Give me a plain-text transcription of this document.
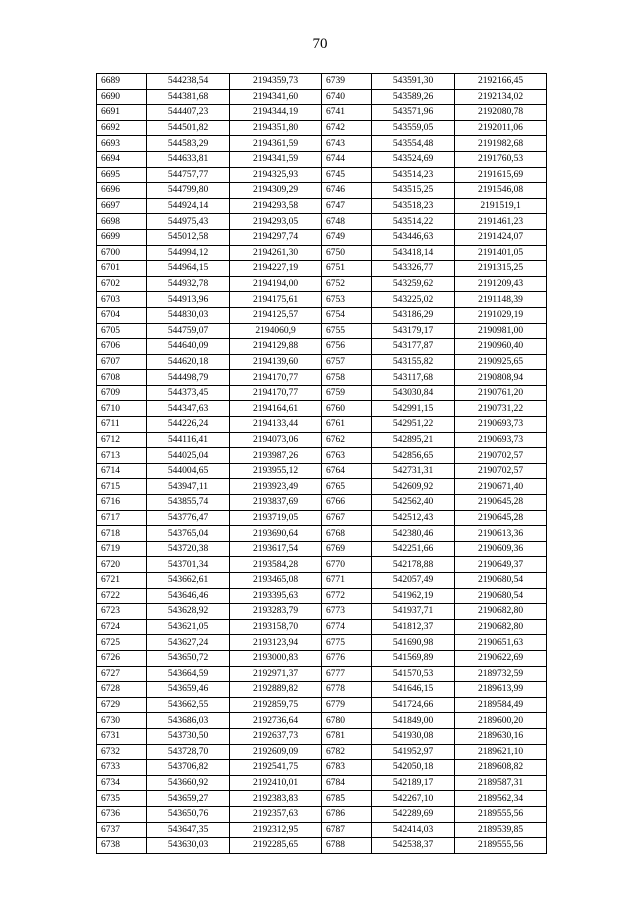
70
6689	544238,54	2194359,73	6739	543591,30	2192166,45
6690	544381,68	2194341,60	6740	543589,26	2192134,02
6691	544407,23	2194344,19	6741	543571,96	2192080,78
6692	544501,82	2194351,80	6742	543559,05	2192011,06
6693	544583,29	2194361,59	6743	543554,48	2191982,68
6694	544633,81	2194341,59	6744	543524,69	2191760,53
6695	544757,77	2194325,93	6745	543514,23	2191615,69
6696	544799,80	2194309,29	6746	543515,25	2191546,08
6697	544924,14	2194293,58	6747	543518,23	2191519,1
6698	544975,43	2194293,05	6748	543514,22	2191461,23
6699	545012,58	2194297,74	6749	543446,63	2191424,07
6700	544994,12	2194261,30	6750	543418,14	2191401,05
6701	544964,15	2194227,19	6751	543326,77	2191315,25
6702	544932,78	2194194,00	6752	543259,62	2191209,43
6703	544913,96	2194175,61	6753	543225,02	2191148,39
6704	544830,03	2194125,57	6754	543186,29	2191029,19
6705	544759,07	2194060,9	6755	543179,17	2190981,00
6706	544640,09	2194129,88	6756	543177,87	2190960,40
6707	544620,18	2194139,60	6757	543155,82	2190925,65
6708	544498,79	2194170,77	6758	543117,68	2190808,94
6709	544373,45	2194170,77	6759	543030,84	2190761,20
6710	544347,63	2194164,61	6760	542991,15	2190731,22
6711	544226,24	2194133,44	6761	542951,22	2190693,73
6712	544116,41	2194073,06	6762	542895,21	2190693,73
6713	544025,04	2193987,26	6763	542856,65	2190702,57
6714	544004,65	2193955,12	6764	542731,31	2190702,57
6715	543947,11	2193923,49	6765	542609,92	2190671,40
6716	543855,74	2193837,69	6766	542562,40	2190645,28
6717	543776,47	2193719,05	6767	542512,43	2190645,28
6718	543765,04	2193690,64	6768	542380,46	2190613,36
6719	543720,38	2193617,54	6769	542251,66	2190609,36
6720	543701,34	2193584,28	6770	542178,88	2190649,37
6721	543662,61	2193465,08	6771	542057,49	2190680,54
6722	543646,46	2193395,63	6772	541962,19	2190680,54
6723	543628,92	2193283,79	6773	541937,71	2190682,80
6724	543621,05	2193158,70	6774	541812,37	2190682,80
6725	543627,24	2193123,94	6775	541690,98	2190651,63
6726	543650,72	2193000,83	6776	541569,89	2190622,69
6727	543664,59	2192971,37	6777	541570,53	2189732,59
6728	543659,46	2192889,82	6778	541646,15	2189613,99
6729	543662,55	2192859,75	6779	541724,66	2189584,49
6730	543686,03	2192736,64	6780	541849,00	2189600,20
6731	543730,50	2192637,73	6781	541930,08	2189630,16
6732	543728,70	2192609,09	6782	541952,97	2189621,10
6733	543706,82	2192541,75	6783	542050,18	2189608,82
6734	543660,92	2192410,01	6784	542189,17	2189587,31
6735	543659,27	2192383,83	6785	542267,10	2189562,34
6736	543650,76	2192357,63	6786	542289,69	2189555,56
6737	543647,35	2192312,95	6787	542414,03	2189539,85
6738	543630,03	2192285,65	6788	542538,37	2189555,56
